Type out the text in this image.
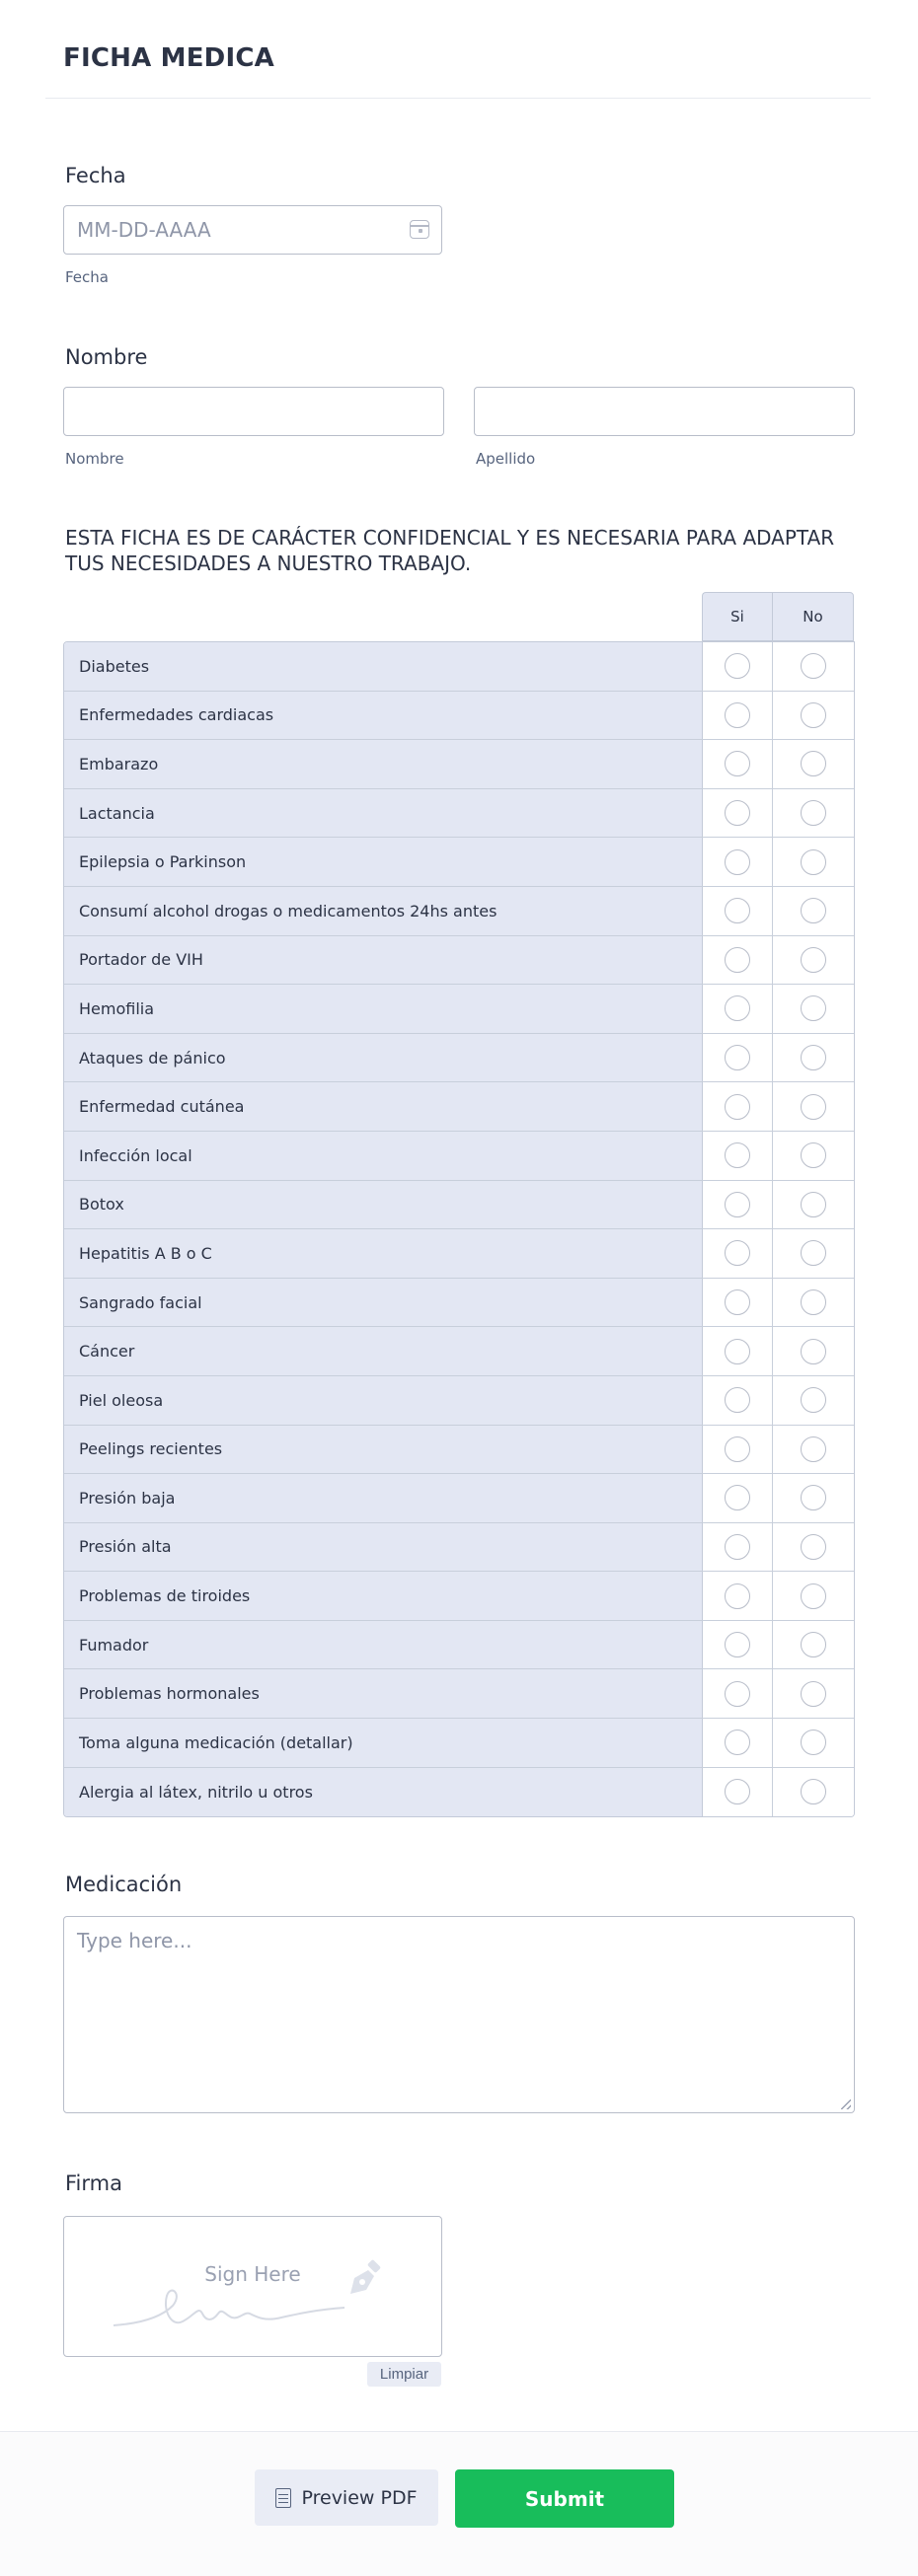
FICHA MEDICA
Fecha
MM-DD-AAAA
Fecha
Nombre
Nombre	Apellido
ESTA FICHA ES DE CARÁCTER CONFIDENCIAL Y ES NECESARIA PARA ADAPTAR TUS NECESIDADES A NUESTRO TRABAJO.
Si	No
Diabetes
Enfermedades cardiacas
Embarazo
Lactancia
Epilepsia o Parkinson
Consumí alcohol drogas o medicamentos 24hs antes
Portador de VIH
Hemofilia
Ataques de pánico
Enfermedad cutánea
Infección local
Botox
Hepatitis A B o C
Sangrado facial
Cáncer
Piel oleosa
Peelings recientes
Presión baja
Presión alta
Problemas de tiroides
Fumador
Problemas hormonales
Toma alguna medicación (detallar)
Alergia al látex, nitrilo u otros
Medicación
Type here...
Firma
Sign Here
Limpiar
Preview PDF	Submit
